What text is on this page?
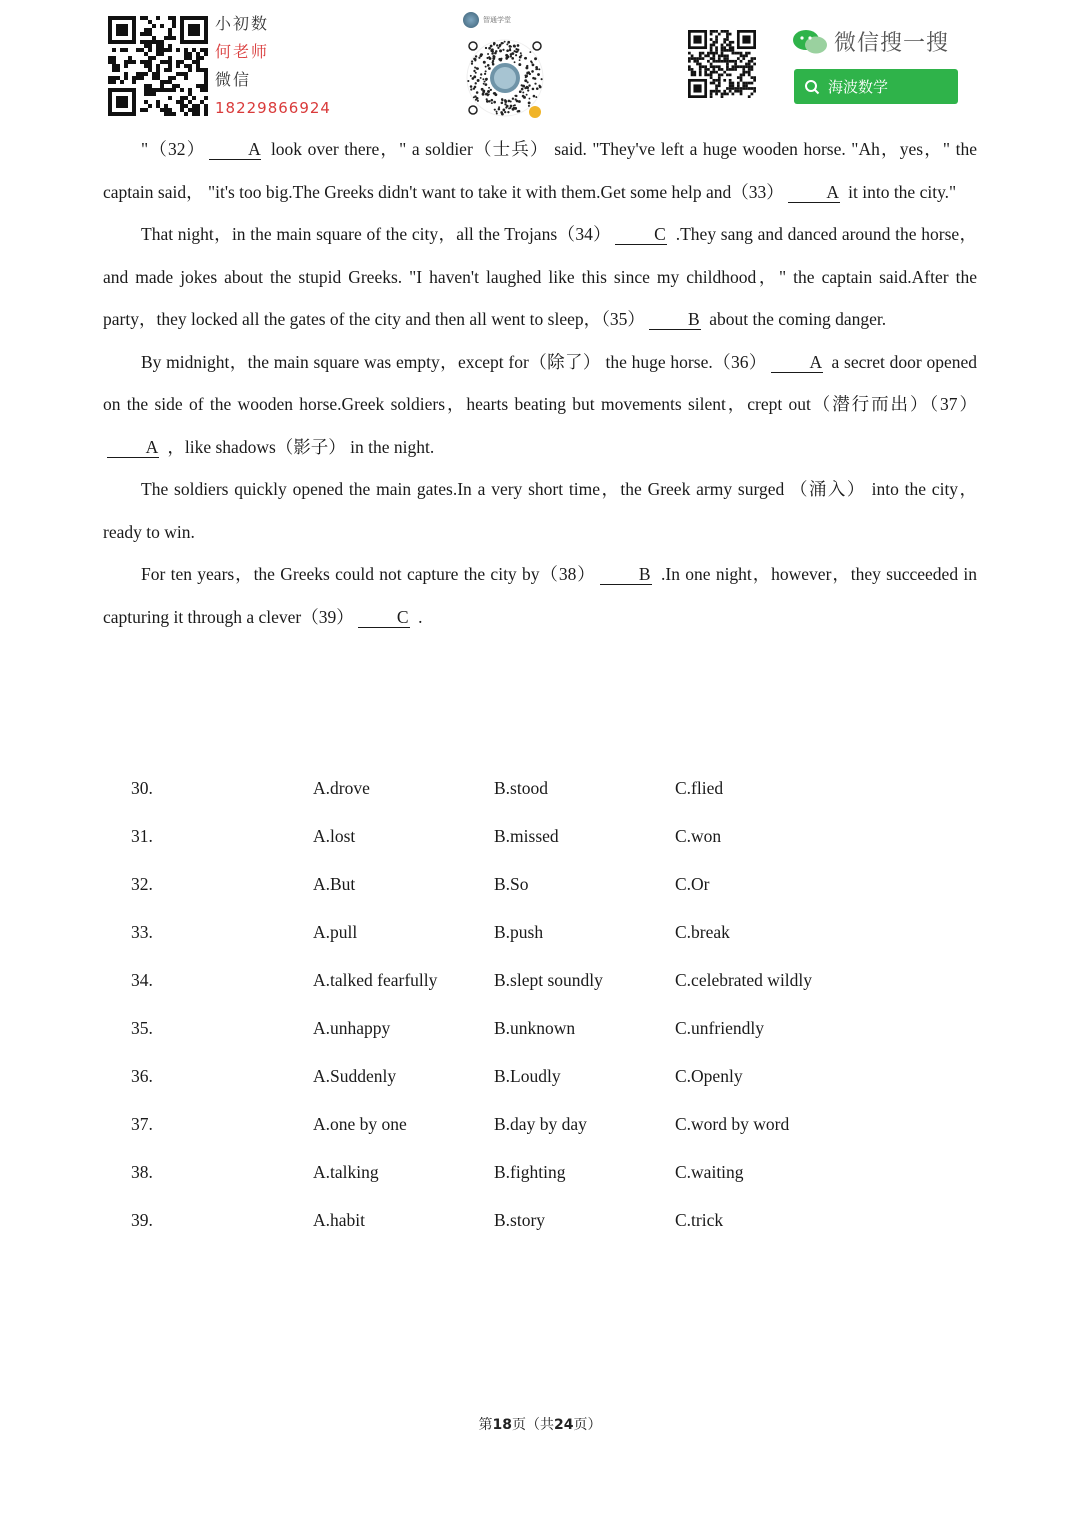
小初数
何老师
微信
18229866924
智通学堂
微信搜一搜
海波数学

"（32） A look over there，" a soldier（士兵） said. "They've left a huge wooden horse. "Ah，yes，" the captain said， "it's too big.The Greeks didn't want to take it with them.Get some help and（33） A it into the city."

That night，in the main square of the city，all the Trojans（34） C .They sang and danced around the horse，and made jokes about the stupid Greeks. "I haven't laughed like this since my childhood，" the captain said.After the party，they locked all the gates of the city and then all went to sleep，（35） B about the coming danger.

By midnight，the main square was empty，except for（除了） the huge horse.（36） A a secret door opened on the side of the wooden horse.Greek soldiers，hearts beating but movements silent，crept out（潜行而出）（37）A ，like shadows（影子） in the night.

The soldiers quickly opened the main gates.In a very short time，the Greek army surged （涌入） into the city，ready to win.

For ten years，the Greeks could not capture the city by（38） B .In one night，however，they succeeded in capturing it through a clever（39） C .

30.	A.drove	B.stood	C.flied
31.	A.lost	B.missed	C.won
32.	A.But	B.So	C.Or
33.	A.pull	B.push	C.break
34.	A.talked fearfully	B.slept soundly	C.celebrated wildly
35.	A.unhappy	B.unknown	C.unfriendly
36.	A.Suddenly	B.Loudly	C.Openly
37.	A.one by one	B.day by day	C.word by word
38.	A.talking	B.fighting	C.waiting
39.	A.habit	B.story	C.trick
第18页（共24页）
